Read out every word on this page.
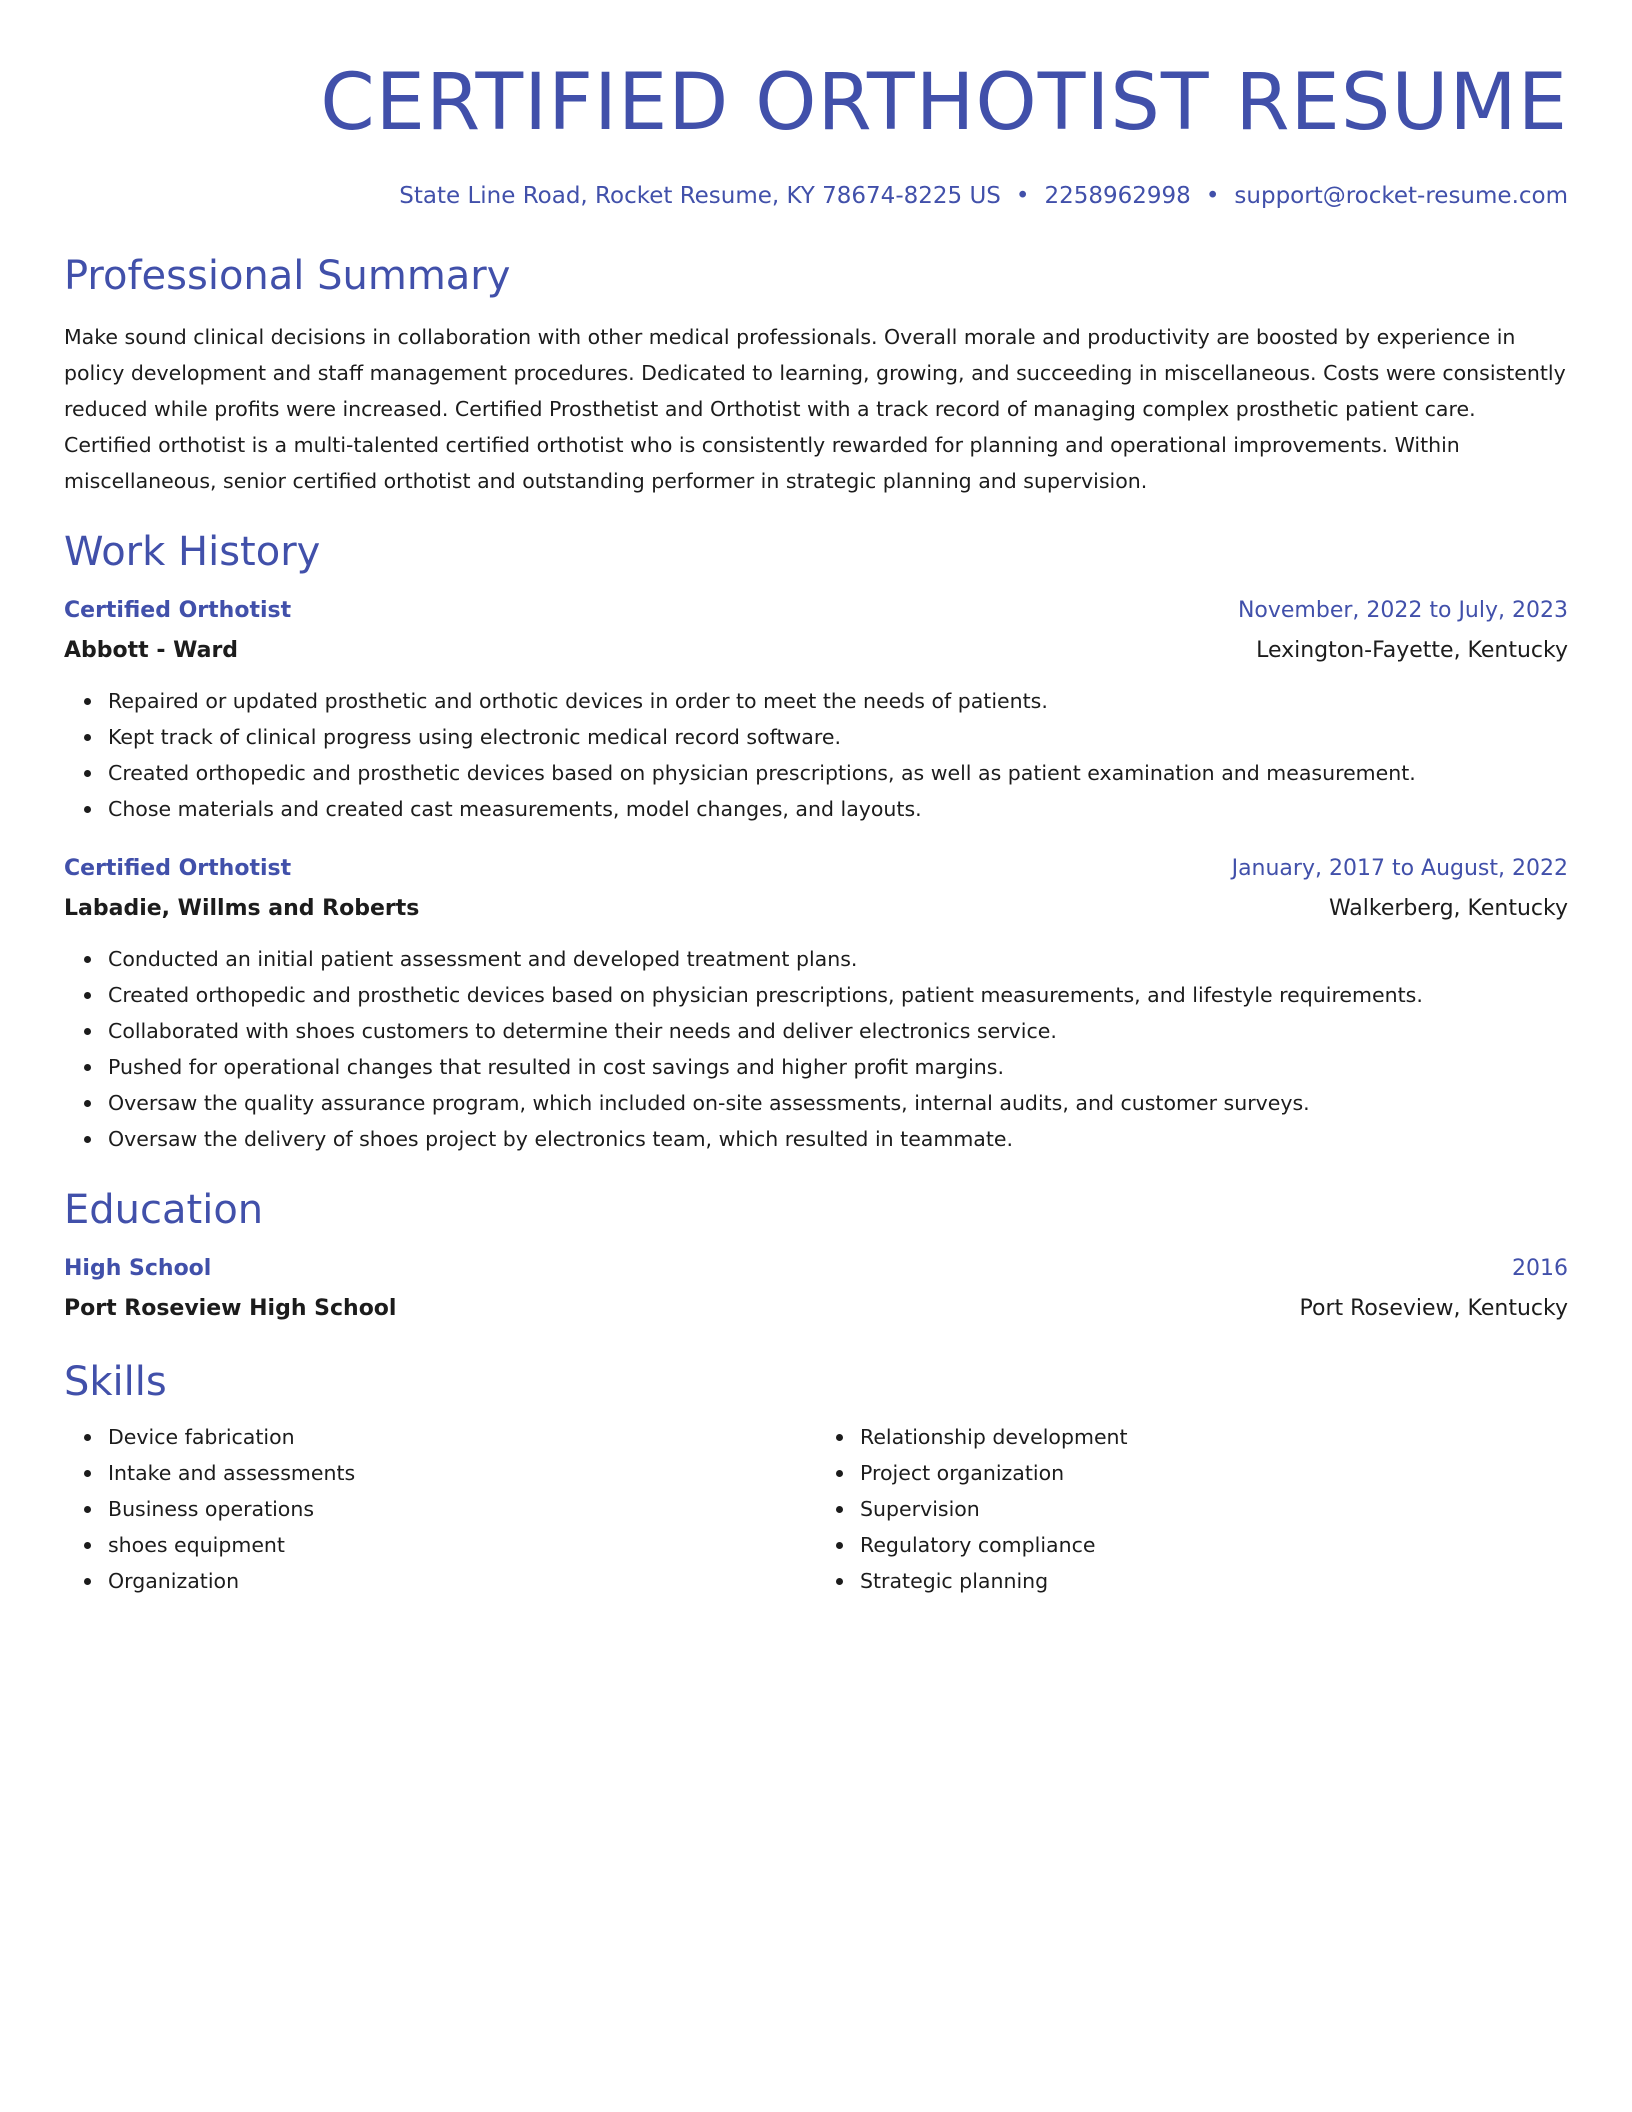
CERTIFIED ORTHOTIST RESUME
State Line Road, Rocket Resume, KY 78674-8225 US • 2258962998 • support@rocket-resume.com
Professional Summary
Make sound clinical decisions in collaboration with other medical professionals. Overall morale and productivity are boosted by experience in policy development and staff management procedures. Dedicated to learning, growing, and succeeding in miscellaneous. Costs were consistently reduced while profits were increased. Certified Prosthetist and Orthotist with a track record of managing complex prosthetic patient care. Certified orthotist is a multi-talented certified orthotist who is consistently rewarded for planning and operational improvements. Within miscellaneous, senior certified orthotist and outstanding performer in strategic planning and supervision.
Work History
Certified Orthotist	November, 2022 to July, 2023
Abbott - Ward	Lexington-Fayette, Kentucky
Repaired or updated prosthetic and orthotic devices in order to meet the needs of patients.
Kept track of clinical progress using electronic medical record software.
Created orthopedic and prosthetic devices based on physician prescriptions, as well as patient examination and measurement.
Chose materials and created cast measurements, model changes, and layouts.
Certified Orthotist	January, 2017 to August, 2022
Labadie, Willms and Roberts	Walkerberg, Kentucky
Conducted an initial patient assessment and developed treatment plans.
Created orthopedic and prosthetic devices based on physician prescriptions, patient measurements, and lifestyle requirements.
Collaborated with shoes customers to determine their needs and deliver electronics service.
Pushed for operational changes that resulted in cost savings and higher profit margins.
Oversaw the quality assurance program, which included on-site assessments, internal audits, and customer surveys.
Oversaw the delivery of shoes project by electronics team, which resulted in teammate.
Education
High School	2016
Port Roseview High School	Port Roseview, Kentucky
Skills
Device fabrication
Intake and assessments
Business operations
shoes equipment
Organization
Relationship development
Project organization
Supervision
Regulatory compliance
Strategic planning
